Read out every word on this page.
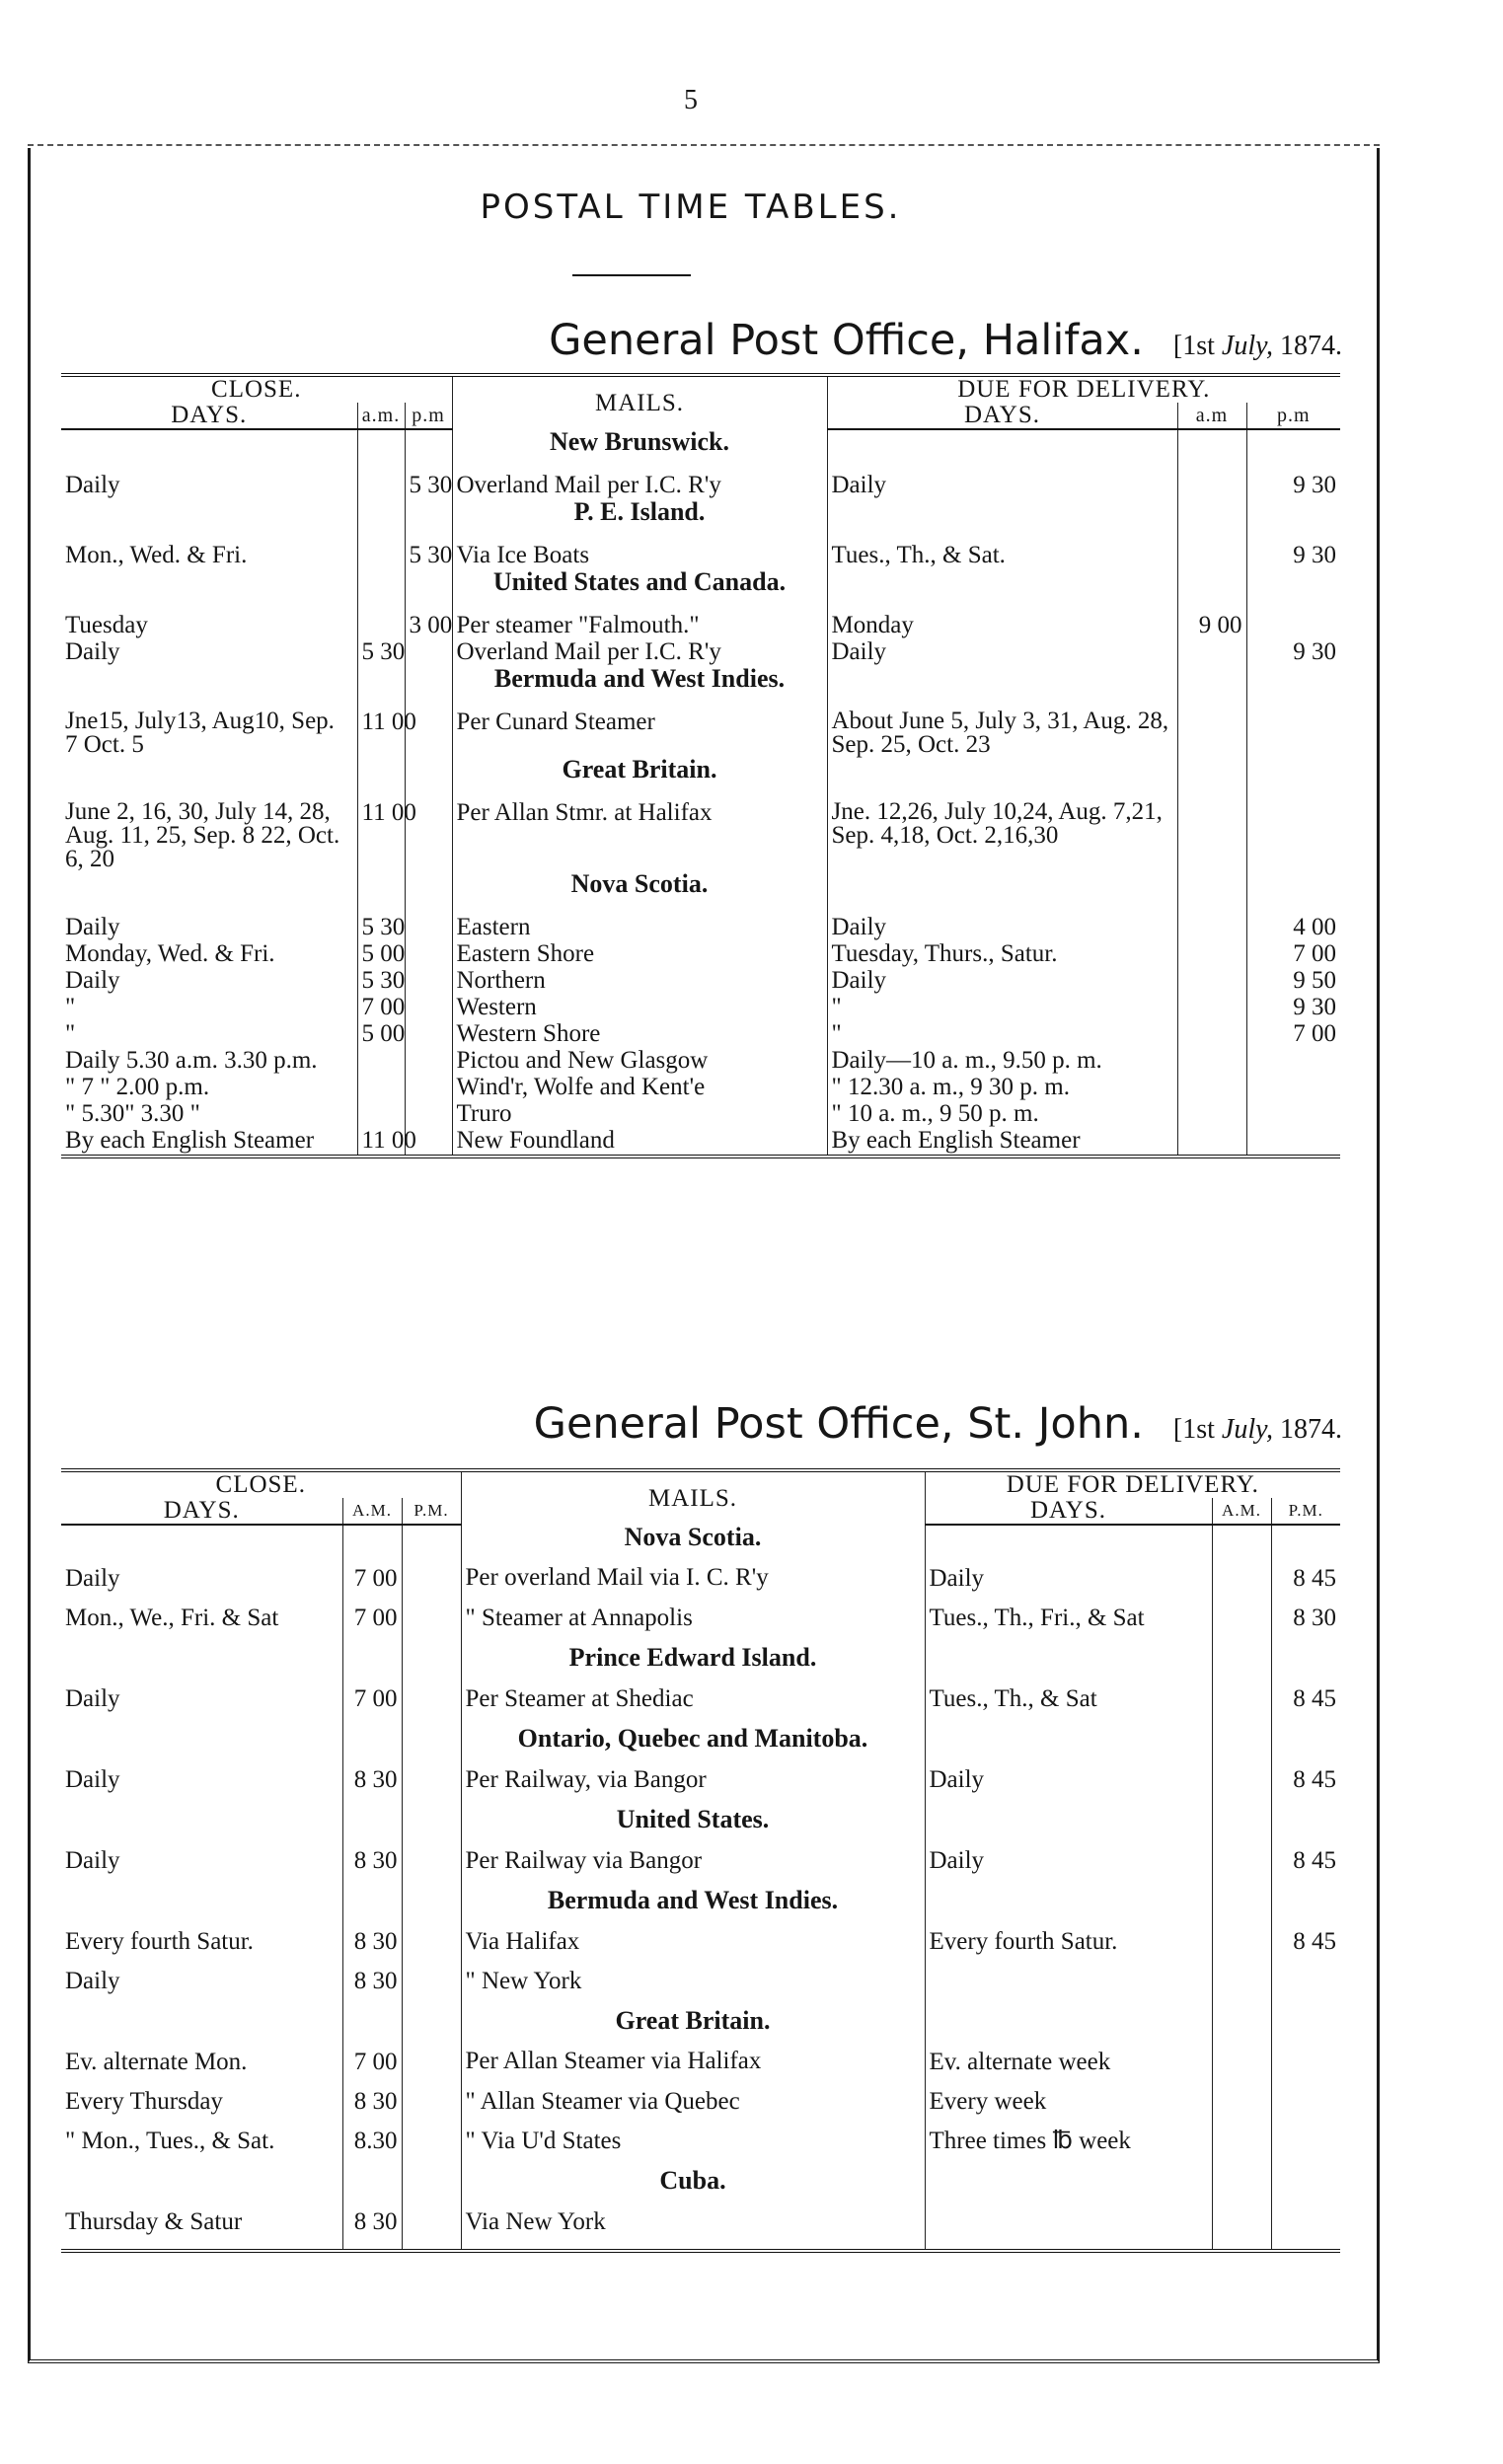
5
POSTAL TIME TABLES.
General Post Office, Halifax. [1st July, 1874.
CLOSE.			MAILS.	DUE FOR DELIVERY.		
DAYS.	a.m.	p.m		DAYS.	a.m	p.m
			New Brunswick.			
Daily		5 30	Overland Mail per I.C. R'y	Daily		9 30
			P. E. Island.			
Mon., Wed. & Fri.		5 30	Via Ice Boats	Tues., Th., & Sat.		9 30
			United States and Canada.			
Tuesday		3 00	Per steamer "Falmouth."	Monday	9 00	
Daily	5 30		Overland Mail per I.C. R'y	Daily		9 30
			Bermuda and West Indies.			
Jne15, July13, Aug10, Sep. 7 Oct. 5	11 00		Per Cunard Steamer	About June 5, July 3, 31, Aug. 28, Sep. 25, Oct. 23		
			Great Britain.			
June 2, 16, 30, July 14, 28, Aug. 11, 25, Sep. 8 22, Oct. 6, 20	11 00		Per Allan Stmr. at Halifax	Jne. 12,26, July 10,24, Aug. 7,21, Sep. 4,18, Oct. 2,16,30		
			Nova Scotia.			
Daily	5 30		Eastern	Daily		4 00
Monday, Wed. & Fri.	5 00		Eastern Shore	Tuesday, Thurs., Satur.		7 00
Daily	5 30		Northern	Daily		9 50
"	7 00		Western	"		9 30
"	5 00		Western Shore	"		7 00
Daily 5.30 a.m. 3.30 p.m.			Pictou and New Glasgow	Daily—10 a. m., 9.50 p. m.		
" 7 " 2.00 p.m.			Wind'r, Wolfe and Kent'e	" 12.30 a. m., 9 30 p. m.		
" 5.30" 3.30 "			Truro	" 10 a. m., 9 50 p. m.		
By each English Steamer	11 00		New Foundland	By each English Steamer		
General Post Office, St. John. [1st July, 1874.
CLOSE.			MAILS.	DUE FOR DELIVERY.		
DAYS.	A.M.	P.M.		DAYS.	A.M.	P.M.
			Nova Scotia.			
Daily	7 00		Per overland Mail via I. C. R'y	Daily		8 45
Mon., We., Fri. & Sat	7 00		" Steamer at Annapolis	Tues., Th., Fri., & Sat		8 30
			Prince Edward Island.			
Daily	7 00		Per Steamer at Shediac	Tues., Th., & Sat		8 45
			Ontario, Quebec and Manitoba.			
Daily	8 30		Per Railway, via Bangor	Daily		8 45
			United States.			
Daily	8 30		Per Railway via Bangor	Daily		8 45
			Bermuda and West Indies.			
Every fourth Satur.	8 30		Via Halifax	Every fourth Satur.		8 45
Daily	8 30		" New York			
			Great Britain.			
Ev. alternate Mon.	7 00		Per Allan Steamer via Halifax	Ev. alternate week		
Every Thursday	8 30		" Allan Steamer via Quebec	Every week		
" Mon., Tues., & Sat.	8.30		" Via U'd States	Three times ℔ week		
			Cuba.			
Thursday & Satur	8 30		Via New York			
